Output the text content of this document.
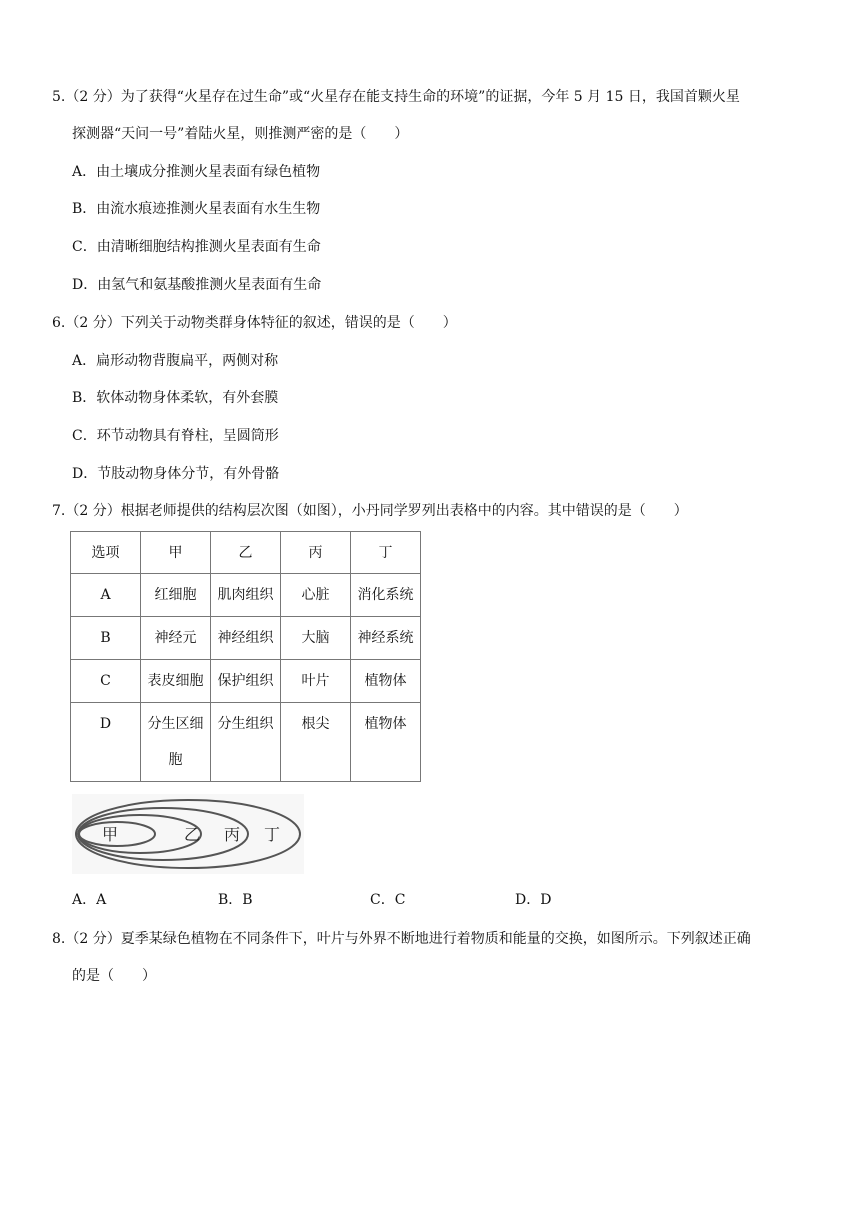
5.（2 分）为了获得“火星存在过生命”或“火星存在能支持生命的环境”的证据，今年 5 月 15 日，我国首颗火星
探测器“天问一号”着陆火星，则推测严密的是（　　）
A．由土壤成分推测火星表面有绿色植物
B．由流水痕迹推测火星表面有水生生物
C．由清晰细胞结构推测火星表面有生命
D．由氢气和氨基酸推测火星表面有生命
6.（2 分）下列关于动物类群身体特征的叙述，错误的是（　　）
A．扁形动物背腹扁平，两侧对称
B．软体动物身体柔软，有外套膜
C．环节动物具有脊柱，呈圆筒形
D．节肢动物身体分节，有外骨骼
7.（2 分）根据老师提供的结构层次图（如图），小丹同学罗列出表格中的内容。其中错误的是（　　）
选项	甲	乙	丙	丁

A	红细胞	肌肉组织	心脏	消化系统

B	神经元	神经组织	大脑	神经系统

C	表皮细胞	保护组织	叶片	植物体

D	分生区细
胞	分生组织	根尖	植物体
甲	乙 丙 丁
A．A	B．B	C．C	D．D
8.（2 分）夏季某绿色植物在不同条件下，叶片与外界不断地进行着物质和能量的交换，如图所示。下列叙述正确
的是（　　）
